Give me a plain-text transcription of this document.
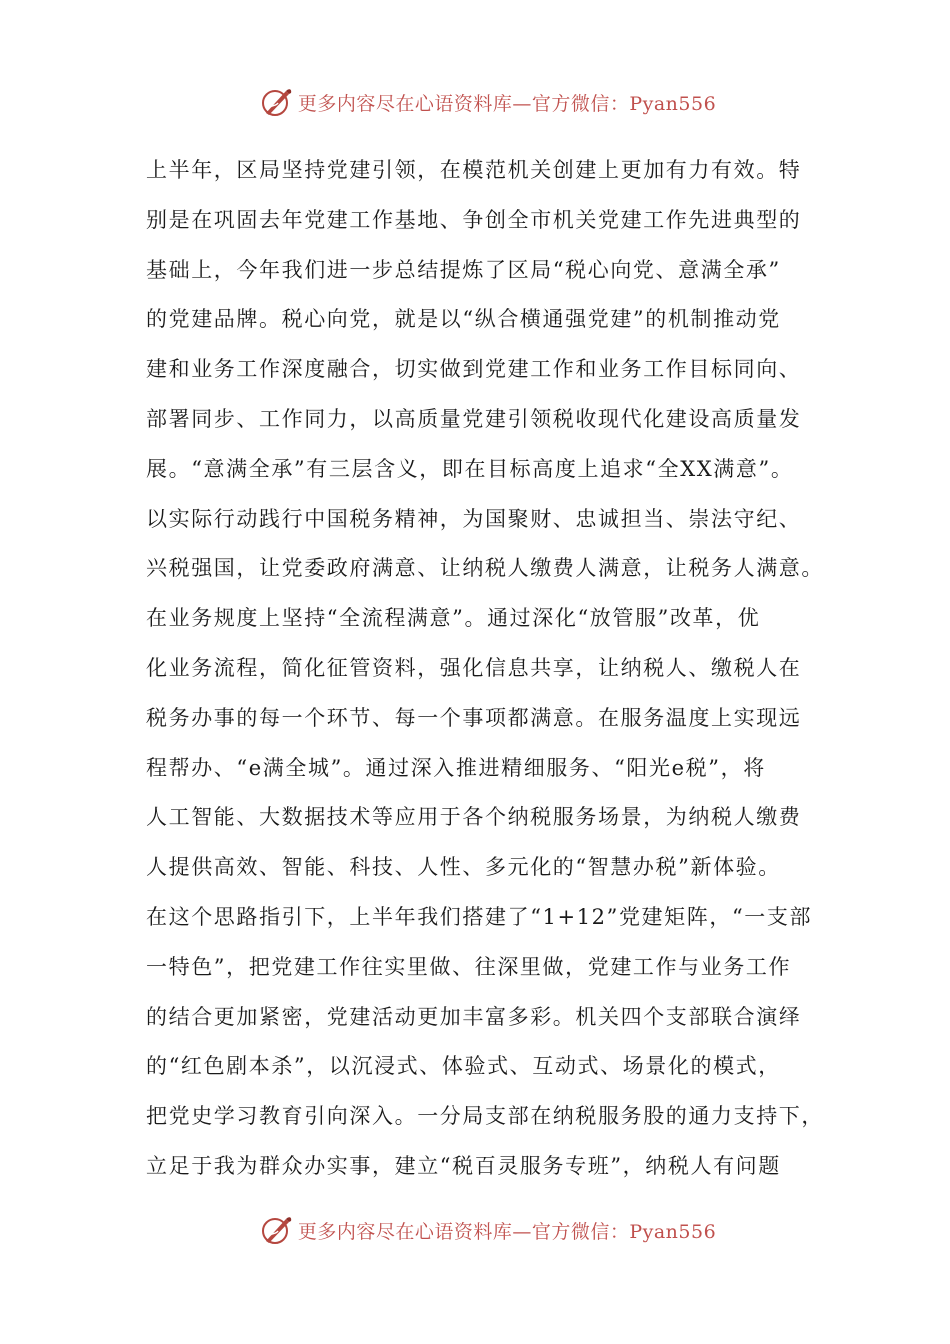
更多内容尽在心语资料库—官方微信：Pyan556
上半年，区局坚持党建引领，在模范机关创建上更加有力有效。特
别是在巩固去年党建工作基地、争创全市机关党建工作先进典型的
基础上，今年我们进一步总结提炼了区局“税心向党、意满全承”
的党建品牌。税心向党，就是以“纵合横通强党建”的机制推动党
建和业务工作深度融合，切实做到党建工作和业务工作目标同向、
部署同步、工作同力，以高质量党建引领税收现代化建设高质量发
展。“意满全承”有三层含义，即在目标高度上追求“全XX满意”。
以实际行动践行中国税务精神，为国聚财、忠诚担当、崇法守纪、
兴税强国，让党委政府满意、让纳税人缴费人满意，让税务人满意。
在业务规度上坚持“全流程满意”。通过深化“放管服”改革，优
化业务流程，简化征管资料，强化信息共享，让纳税人、缴税人在
税务办事的每一个环节、每一个事项都满意。在服务温度上实现远
程帮办、“e满全城”。通过深入推进精细服务、“阳光e税”，将
人工智能、大数据技术等应用于各个纳税服务场景，为纳税人缴费
人提供高效、智能、科技、人性、多元化的“智慧办税”新体验。
在这个思路指引下，上半年我们搭建了“1+12”党建矩阵，“一支部
一特色”，把党建工作往实里做、往深里做，党建工作与业务工作
的结合更加紧密，党建活动更加丰富多彩。机关四个支部联合演绎
的“红色剧本杀”，以沉浸式、体验式、互动式、场景化的模式，
把党史学习教育引向深入。一分局支部在纳税服务股的通力支持下，
立足于我为群众办实事，建立“税百灵服务专班”，纳税人有问题
更多内容尽在心语资料库—官方微信：Pyan556
